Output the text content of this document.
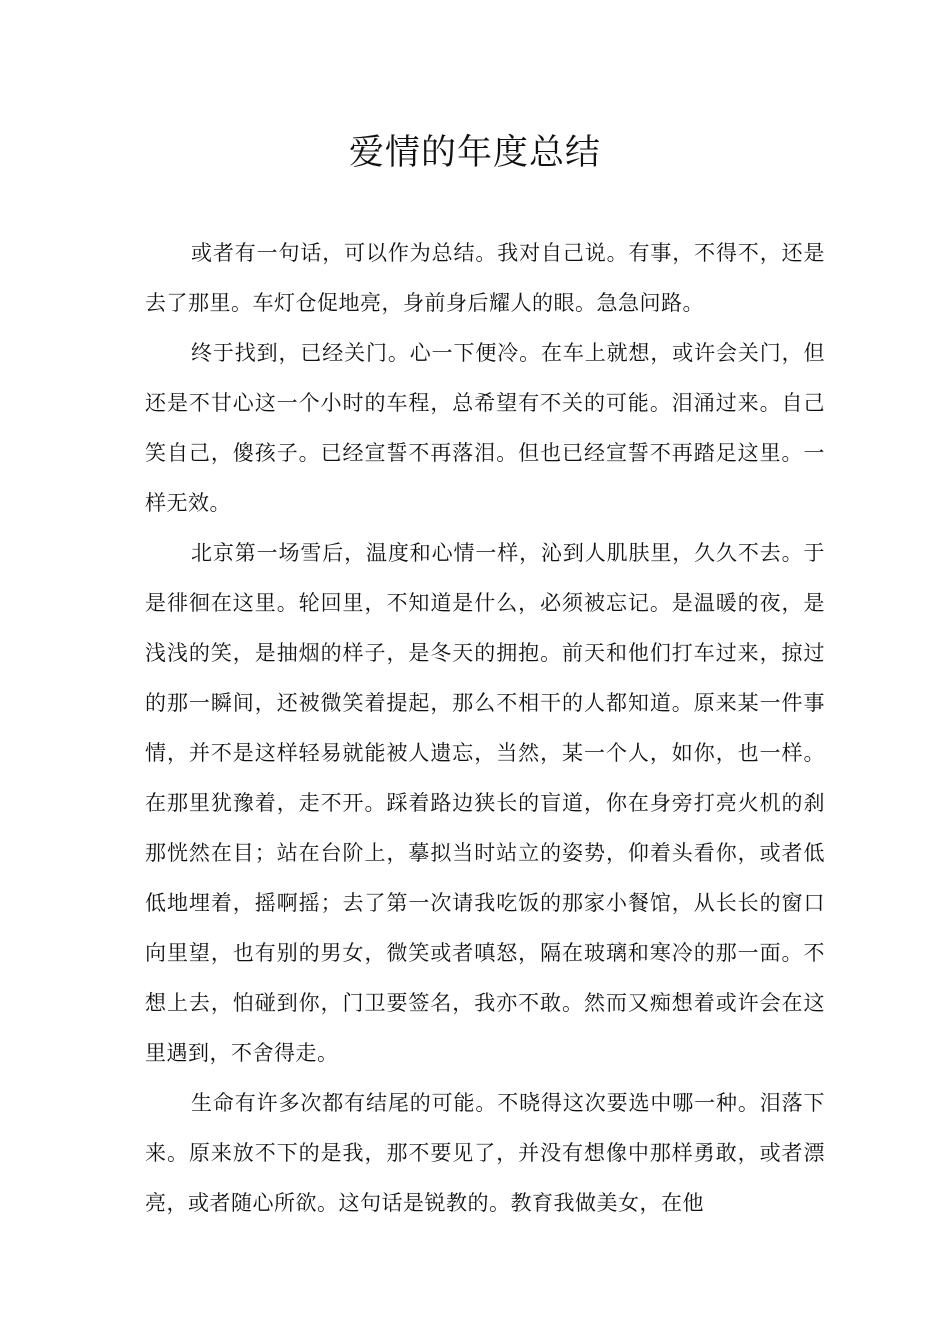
爱情的年度总结

或者有一句话，可以作为总结。我对自己说。有事，不得不，还是去了那里。车灯仓促地亮，身前身后耀人的眼。急急问路。

终于找到，已经关门。心一下便冷。在车上就想，或许会关门，但还是不甘心这一个小时的车程，总希望有不关的可能。泪涌过来。自己笑自己，傻孩子。已经宣誓不再落泪。但也已经宣誓不再踏足这里。一样无效。

北京第一场雪后，温度和心情一样，沁到人肌肤里，久久不去。于是徘徊在这里。轮回里，不知道是什么，必须被忘记。是温暖的夜，是浅浅的笑，是抽烟的样子，是冬天的拥抱。前天和他们打车过来，掠过的那一瞬间，还被微笑着提起，那么不相干的人都知道。原来某一件事情，并不是这样轻易就能被人遗忘，当然，某一个人，如你，也一样。在那里犹豫着，走不开。踩着路边狭长的盲道，你在身旁打亮火机的刹那恍然在目；站在台阶上，摹拟当时站立的姿势，仰着头看你，或者低低地埋着，摇啊摇；去了第一次请我吃饭的那家小餐馆，从长长的窗口向里望，也有别的男女，微笑或者嗔怒，隔在玻璃和寒冷的那一面。不想上去，怕碰到你，门卫要签名，我亦不敢。然而又痴想着或许会在这里遇到，不舍得走。

生命有许多次都有结尾的可能。不晓得这次要选中哪一种。泪落下来。原来放不下的是我，那不要见了，并没有想像中那样勇敢，或者漂亮，或者随心所欲。这句话是锐教的。教育我做美女，在他
